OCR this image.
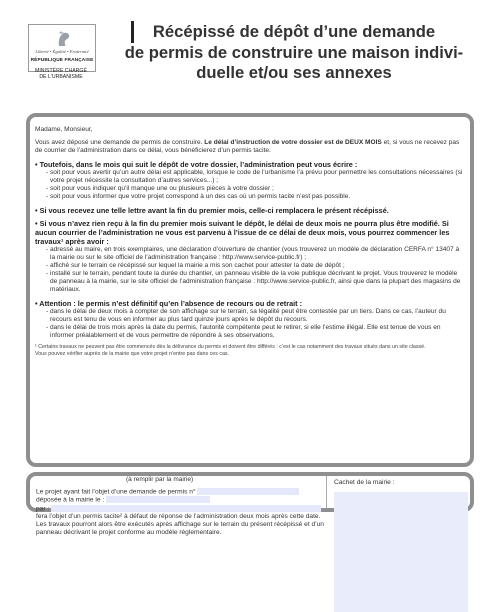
Liberté • Égalité • Fraternité
RÉPUBLIQUE FRANÇAISE
MINISTÈRE CHARGÉ
DE L'URBANISME
Récépissé de dépôt d’une demande
de permis de construire une maison indivi-
duelle et/ou ses annexes

Madame, Monsieur,

Vous avez déposé une demande de permis de construire. Le délai d’instruction de votre dossier est de DEUX MOIS et, si vous ne recevez pas de courrier de l’administration dans ce délai, vous bénéficierez d’un permis tacite.

• Toutefois, dans le mois qui suit le dépôt de votre dossier, l’administration peut vous écrire :

- soit pour vous avertir qu’un autre délai est applicable, lorsque le code de l’urbanisme l’a prévu pour permettre les consultations nécessaires (si votre projet nécessite la consultation d’autres services...) ;

- soit pour vous indiquer qu’il manque une ou plusieurs pièces à votre dossier ;

- soit pour vous informer que votre projet correspond à un des cas où un permis tacite n’est pas possible.

• Si vous recevez une telle lettre avant la fin du premier mois, celle-ci remplacera le présent récépissé.
• Si vous n’avez rien reçu à la fin du premier mois suivant le dépôt, le délai de deux mois ne pourra plus être modifié. Si aucun courrier de l’administration ne vous est parvenu à l’issue de ce délai de deux mois, vous pourrez commencer les travaux¹ après avoir :

- adressé au maire, en trois exemplaires, une déclaration d’ouverture de chantier (vous trouverez un modèle de déclaration CERFA n° 13407 à la mairie ou sur le site officiel de l’administration française : http://www.service-public.fr) ;

- affiché sur le terrain ce récépissé sur lequel la mairie a mis son cachet pour attester la date de dépôt ;

- installé sur le terrain, pendant toute la durée du chantier, un panneau visible de la voie publique décrivant le projet. Vous trouverez le modèle de panneau à la mairie, sur le site officiel de l’administration française : http://www.service-public.fr, ainsi que dans la plupart des magasins de matériaux.

• Attention : le permis n’est définitif qu’en l’absence de recours ou de retrait :

- dans le délai de deux mois à compter de son affichage sur le terrain, sa légalité peut être contestée par un tiers. Dans ce cas, l’auteur du recours est tenu de vous en informer au plus tard quinze jours après le dépôt du recours.

- dans le délai de trois mois après la date du permis, l’autorité compétente peut le retirer, si elle l’estime illégal. Elle est tenue de vous en informer préalablement et de vous permettre de répondre à ses observations.

¹ Certains travaux ne peuvent pas être commencés dès la délivrance du permis et doivent être différés : c’est le cas notamment des travaux situés dans un site classé.

Vous pouvez vérifier auprès de la mairie que votre projet n’entre pas dans ces cas.

(à remplir par la mairie)
Le projet ayant fait l’objet d’une demande de permis n°
déposée à la mairie le :
par :
fera l’objet d’un permis tacite² à défaut de réponse de l’administration deux mois après cette date. Les travaux pourront alors être exécutés après affichage sur le terrain du présent récépissé et d’un panneau décrivant le projet conforme au modèle réglementaire.
Cachet de la mairie :
